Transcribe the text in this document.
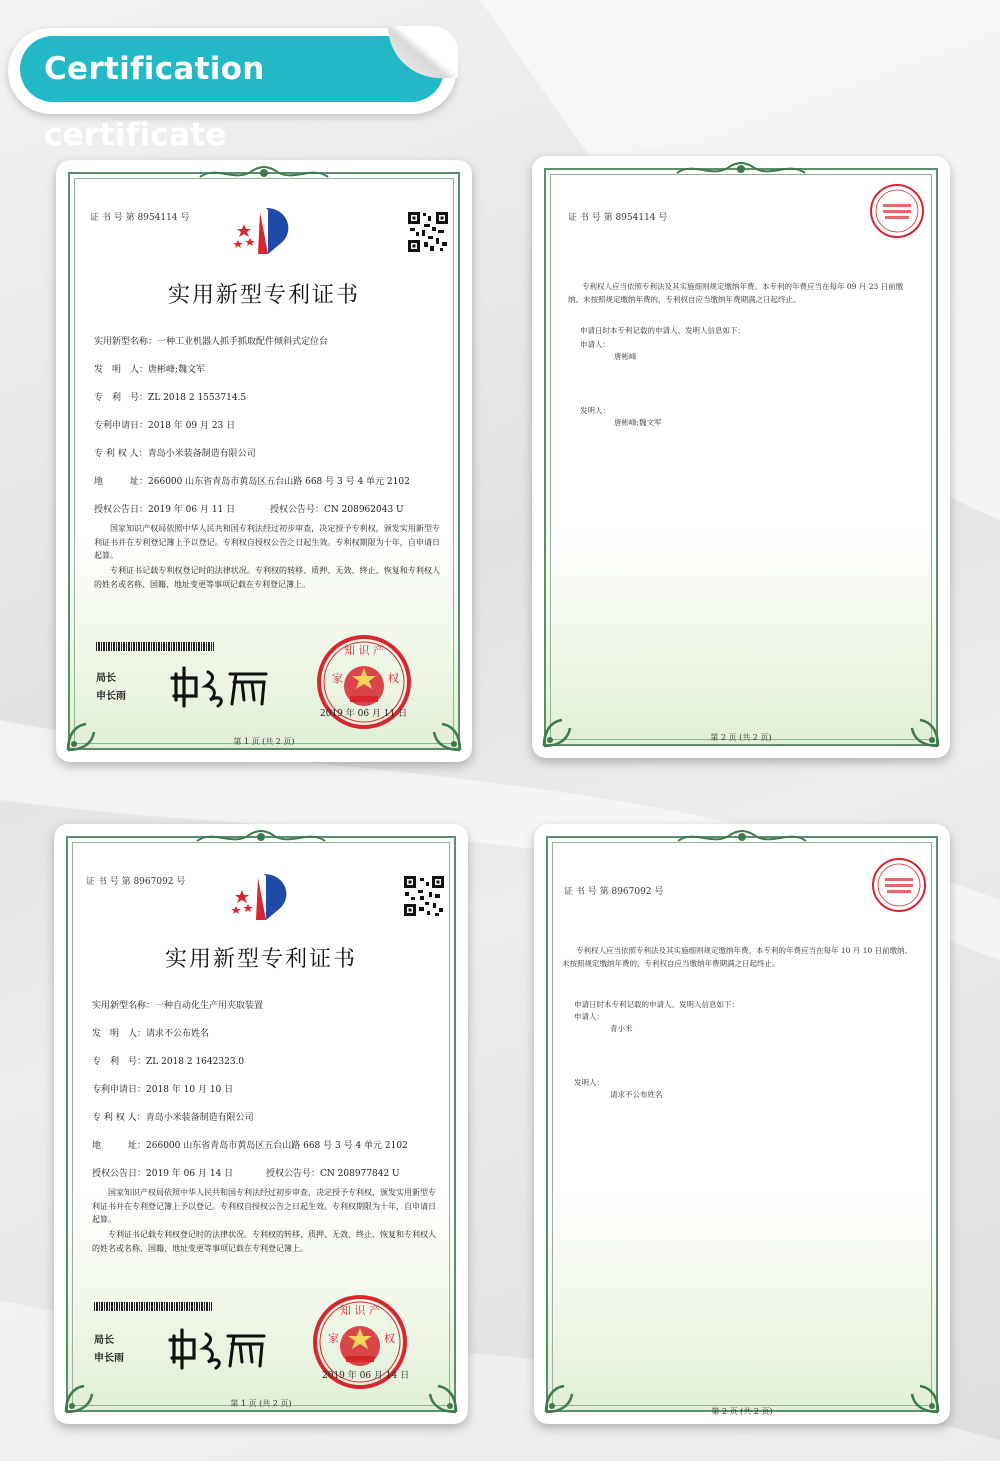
Certification certificate
证 书 号 第 8954114 号
实用新型专利证书
实用新型名称：一种工业机器人抓手抓取配件倾斜式定位台
发　明　人：唐彬峰;魏文军
专　利　号：ZL 2018 2 1553714.5
专利申请日：2018 年 09 月 23 日
专 利 权 人：青岛小米装备制造有限公司
地　　　址：266000 山东省青岛市黄岛区五台山路 668 号 3 号 4 单元 2102
授权公告日：2019 年 06 月 11 日	授权公告号：CN 208962043 U
国家知识产权局依照中华人民共和国专利法经过初步审查，决定授予专利权，颁发实用新型专利证书并在专利登记簿上予以登记。专利权自授权公告之日起生效。专利权期限为十年，自申请日起算。
专利证书记载专利权登记时的法律状况。专利权的转移、质押、无效、终止、恢复和专利权人的姓名或名称、国籍、地址变更等事项记载在专利登记簿上。
局长
申长雨
知 识 产
家	权
2019 年 06 月 11 日
第 1 页 (共 2 页)
证 书 号 第 8954114 号
专利权人应当依照专利法及其实施细则规定缴纳年费。本专利的年费应当在每年 09 月 23 日前缴纳。未按照规定缴纳年费的，专利权自应当缴纳年费期满之日起终止。
申请日时本专利记载的申请人、发明人信息如下：
申请人：
唐彬峰
发明人：
唐彬峰;魏文军
第 2 页 (共 2 页)
证 书 号 第 8967092 号
实用新型专利证书
实用新型名称：一种自动化生产用夹取装置
发　明　人：请求不公布姓名
专　利　号：ZL 2018 2 1642323.0
专利申请日：2018 年 10 月 10 日
专 利 权 人：青岛小米装备制造有限公司
地　　　址：266000 山东省青岛市黄岛区五台山路 668 号 3 号 4 单元 2102
授权公告日：2019 年 06 月 14 日	授权公告号：CN 208977842 U
国家知识产权局依照中华人民共和国专利法经过初步审查，决定授予专利权，颁发实用新型专利证书并在专利登记簿上予以登记。专利权自授权公告之日起生效。专利权期限为十年，自申请日起算。
专利证书记载专利权登记时的法律状况。专利权的转移、质押、无效、终止、恢复和专利权人的姓名或名称、国籍、地址变更等事项记载在专利登记簿上。
局长
申长雨
知 识 产
家	权
2019 年 06 月 14 日
第 1 页 (共 2 页)
证 书 号 第 8967092 号
专利权人应当依照专利法及其实施细则规定缴纳年费。本专利的年费应当在每年 10 月 10 日前缴纳。未按照规定缴纳年费的，专利权自应当缴纳年费期满之日起终止。
申请日时本专利记载的申请人、发明人信息如下：
申请人：
青小米
发明人：
请求不公布姓名
第 2 页 (共 2 页)
